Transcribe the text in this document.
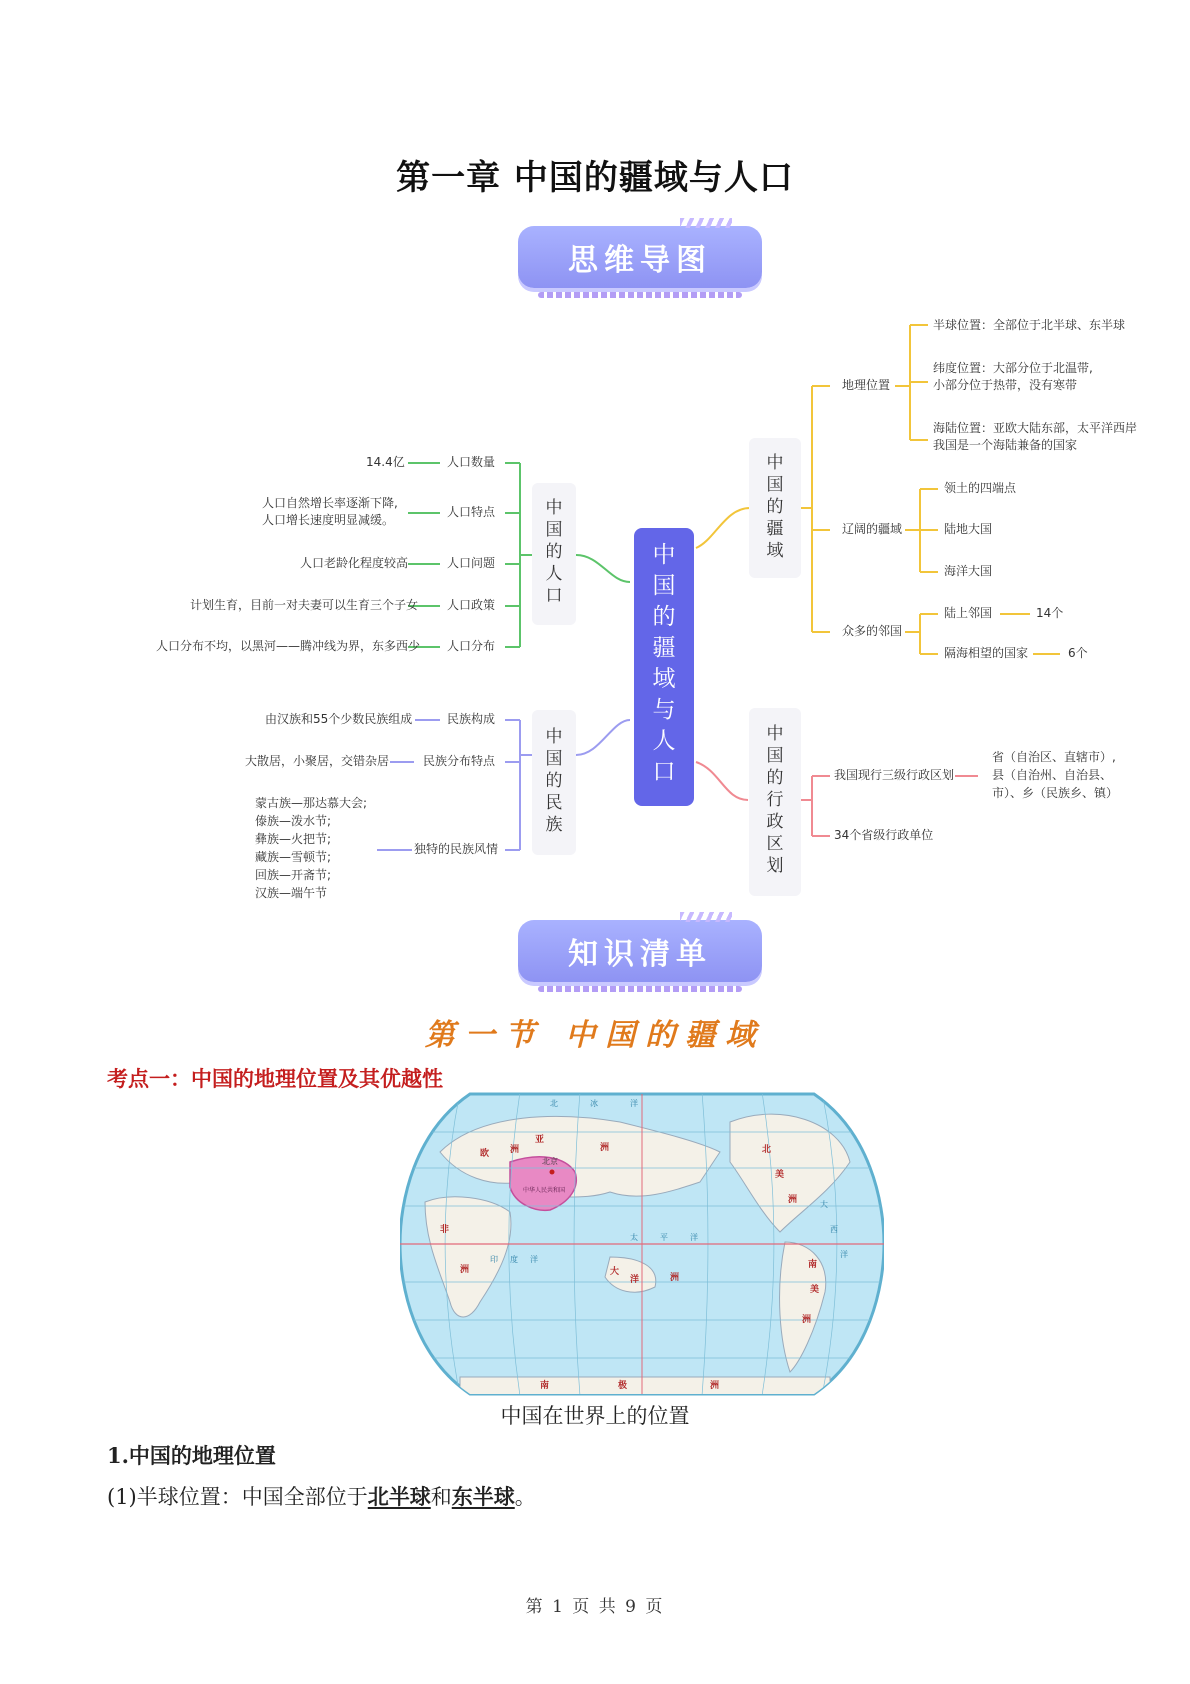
第一章 中国的疆域与人口
思维导图
中
国
的
疆
域
与
人
口
中
国
的
人
口
人口数量
14.4亿
人口特点
人口自然增长率逐渐下降,
人口增长速度明显减缓。
人口问题
人口老龄化程度较高
人口政策
计划生育，目前一对夫妻可以生育三个子女
人口分布
人口分布不均，以黑河——腾冲线为界，东多西少
中
国
的
民
族
民族构成
由汉族和55个少数民族组成
民族分布特点
大散居，小聚居，交错杂居
独特的民族风情
蒙古族—那达慕大会;
傣族—泼水节;
彝族—火把节;
藏族—雪顿节;
回族—开斋节;
汉族—端午节
中
国
的
疆
域
地理位置
半球位置：全部位于北半球、东半球
纬度位置：大部分位于北温带,
小部分位于热带，没有寒带
海陆位置：亚欧大陆东部，太平洋西岸
我国是一个海陆兼备的国家
辽阔的疆域
领土的四端点
陆地大国
海洋大国
众多的邻国
陆上邻国	14个
隔海相望的国家	6个
中
国
的
行
政
区
划
我国现行三级行政区划
省（自治区、直辖市）,
县（自治州、自治县、
市）、乡（民族乡、镇）
34个省级行政单位
知识清单
第一节 中国的疆域
考点一：中国的地理位置及其优越性
北京
中华人民共和国
欧 洲
亚
洲
非
洲
北
美
洲
南
美
洲
大
洋	洲
南	极	洲
北	冰	洋
印 度 洋
太	平	洋
大
西
洋
中国在世界上的位置
1.中国的地理位置
(1)半球位置：中国全部位于北半球和东半球。
第 1 页 共 9 页
